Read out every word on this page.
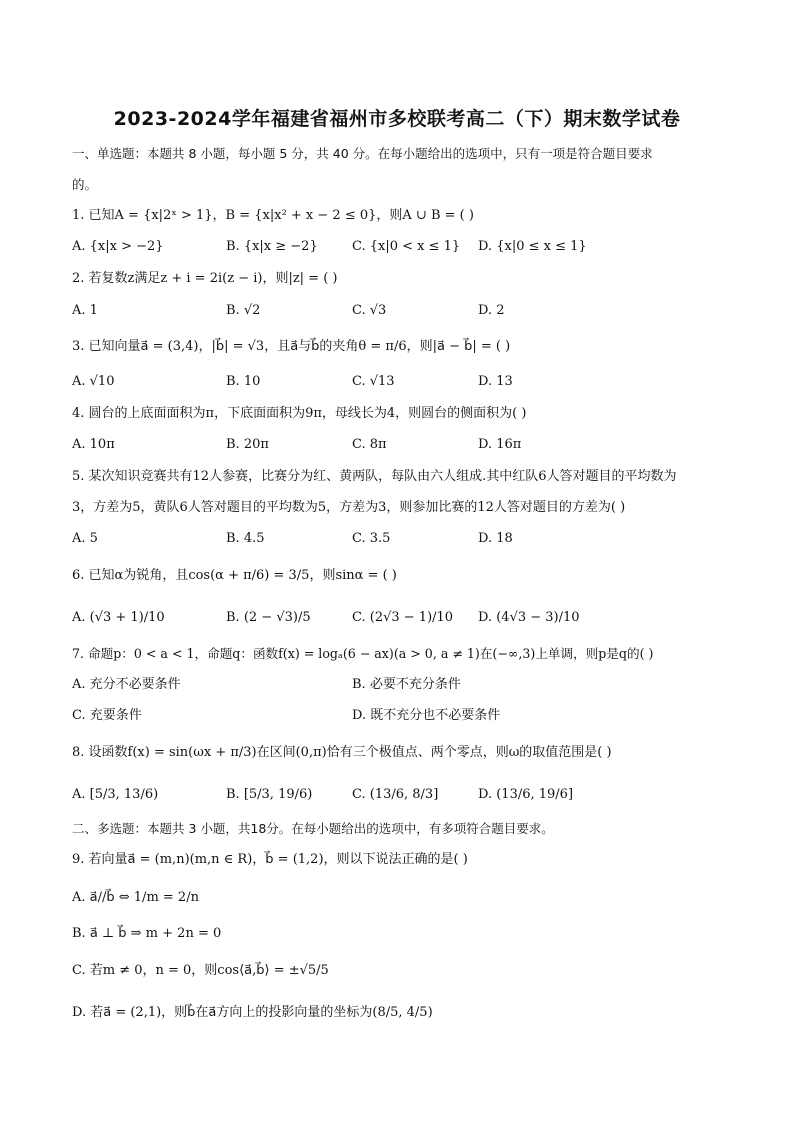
2023-2024学年福建省福州市多校联考高二（下）期末数学试卷
一、单选题：本题共 8 小题，每小题 5 分，共 40 分。在每小题给出的选项中，只有一项是符合题目要求
的。
1. 已知A = {x|2ˣ > 1}，B = {x|x² + x − 2 ≤ 0}，则A ∪ B = ( )
A. {x|x > −2}	B. {x|x ≥ −2}	C. {x|0 < x ≤ 1} D. {x|0 ≤ x ≤ 1}
2. 若复数z满足z + i = 2i(z − i)，则|z| = ( )
A. 1	B. √2	C. √3	D. 2
3. 已知向量a⃗ = (3,4)，|b⃗| = √3，且a⃗与b⃗的夹角θ = π/6，则|a⃗ − b⃗| = ( )
A. √10	B. 10	C. √13	D. 13
4. 圆台的上底面面积为π，下底面面积为9π，母线长为4，则圆台的侧面积为( )
A. 10π	B. 20π	C. 8π	D. 16π
5. 某次知识竞赛共有12人参赛，比赛分为红、黄两队，每队由六人组成.其中红队6人答对题目的平均数为
3，方差为5，黄队6人答对题目的平均数为5，方差为3，则参加比赛的12人答对题目的方差为( )
A. 5	B. 4.5	C. 3.5	D. 18
6. 已知α为锐角，且cos(α + π/6) = 3/5，则sinα = ( )
A. (√3 + 1)/10	B. (2 − √3)/5	C. (2√3 − 1)/10 D. (4√3 − 3)/10
7. 命题p：0 < a < 1，命题q：函数f(x) = logₐ(6 − ax)(a > 0, a ≠ 1)在(−∞,3)上单调，则p是q的( )
A. 充分不必要条件	B. 必要不充分条件
C. 充要条件	D. 既不充分也不必要条件
8. 设函数f(x) = sin(ωx + π/3)在区间(0,π)恰有三个极值点、两个零点，则ω的取值范围是( )
A. [5/3, 13/6)	B. [5/3, 19/6)	C. (13/6, 8/3]	D. (13/6, 19/6]
二、多选题：本题共 3 小题，共18分。在每小题给出的选项中，有多项符合题目要求。
9. 若向量a⃗ = (m,n)(m,n ∈ R)，b⃗ = (1,2)，则以下说法正确的是( )
A. a⃗//b⃗ ⇔ 1/m = 2/n
B. a⃗ ⊥ b⃗ ⇒ m + 2n = 0
C. 若m ≠ 0，n = 0，则cos⟨a⃗,b⃗⟩ = ±√5/5
D. 若a⃗ = (2,1)，则b⃗在a⃗方向上的投影向量的坐标为(8/5, 4/5)
